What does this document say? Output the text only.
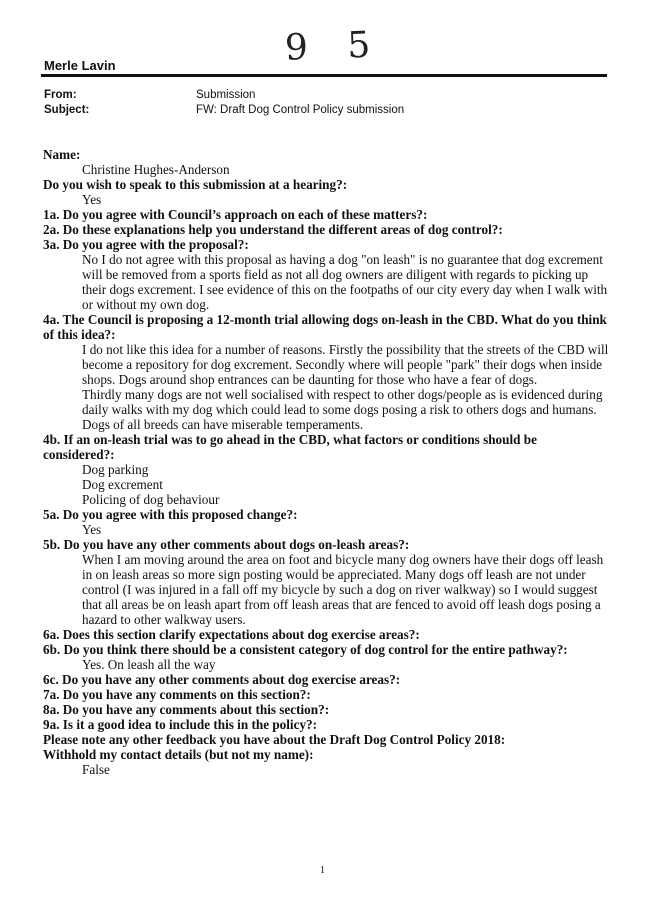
9 5
Merle Lavin
From:	Submission
Subject:	FW: Draft Dog Control Policy submission

Name:

Christine Hughes-Anderson

Do you wish to speak to this submission at a hearing?:

Yes

1a. Do you agree with Council’s approach on each of these matters?:

2a. Do these explanations help you understand the different areas of dog control?:

3a. Do you agree with the proposal?:

No I do not agree with this proposal as having a dog "on leash" is no guarantee that dog excrement will be removed from a sports field as not all dog owners are diligent with regards to picking up their dogs excrement. I see evidence of this on the footpaths of our city every day when I walk with or without my own dog.

4a. The Council is proposing a 12-month trial allowing dogs on-leash in the CBD. What do you think of this idea?:

I do not like this idea for a number of reasons. Firstly the possibility that the streets of the CBD will become a repository for dog excrement. Secondly where will people "park" their dogs when inside shops. Dogs around shop entrances can be daunting for those who have a fear of dogs.

Thirdly many dogs are not well socialised with respect to other dogs/people as is evidenced during daily walks with my dog which could lead to some dogs posing a risk to others dogs and humans.

Dogs of all breeds can have miserable temperaments.

4b. If an on-leash trial was to go ahead in the CBD, what factors or conditions should be considered?:

Dog parking

Dog excrement

Policing of dog behaviour

5a. Do you agree with this proposed change?:

Yes

5b. Do you have any other comments about dogs on-leash areas?:

When I am moving around the area on foot and bicycle many dog owners have their dogs off leash in on leash areas so more sign posting would be appreciated. Many dogs off leash are not under control (I was injured in a fall off my bicycle by such a dog on river walkway) so I would suggest that all areas be on leash apart from off leash areas that are fenced to avoid off leash dogs posing a hazard to other walkway users.

6a. Does this section clarify expectations about dog exercise areas?:

6b. Do you think there should be a consistent category of dog control for the entire pathway?:

Yes. On leash all the way

6c. Do you have any other comments about dog exercise areas?:

7a. Do you have any comments on this section?:

8a. Do you have any comments about this section?:

9a. Is it a good idea to include this in the policy?:

Please note any other feedback you have about the Draft Dog Control Policy 2018:

Withhold my contact details (but not my name):

False

1
